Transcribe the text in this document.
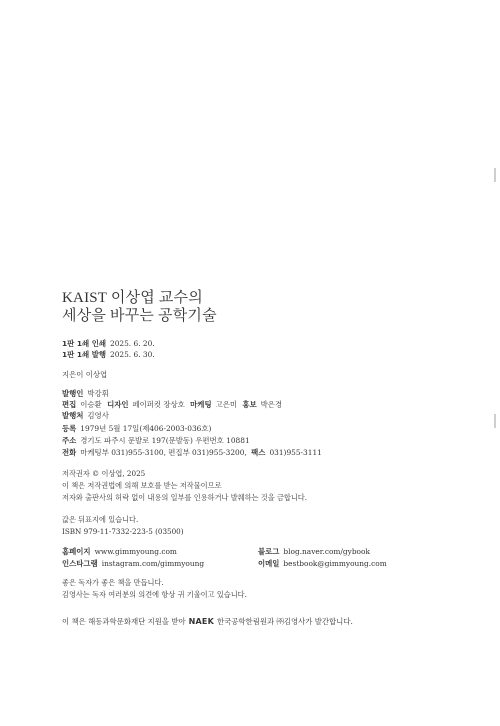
KAIST 이상엽 교수의
세상을 바꾸는 공학기술
1판 1쇄 인쇄 2025. 6. 20.
1판 1쇄 발행 2025. 6. 30.
지은이 이상엽
발행인 박강휘
편집 이승환 디자인 페이퍼컷 장상호 마케팅 고은미 홍보 박은경
발행처 김영사
등록 1979년 5월 17일(제406-2003-036호)
주소 경기도 파주시 문발로 197(문발동) 우편번호 10881
전화 마케팅부 031)955-3100, 편집부 031)955-3200, 팩스 031)955-3111
저작권자 © 이상엽, 2025
이 책은 저작권법에 의해 보호를 받는 저작물이므로
저자와 출판사의 허락 없이 내용의 일부를 인용하거나 발췌하는 것을 금합니다.
값은 뒤표지에 있습니다.
ISBN 979-11-7332-223-5 (03500)
홈페이지 www.gimmyoung.com	블로그 blog.naver.com/gybook
인스타그램 instagram.com/gimmyoung	이메일 bestbook@gimmyoung.com
좋은 독자가 좋은 책을 만듭니다.
김영사는 독자 여러분의 의견에 항상 귀 기울이고 있습니다.
이 책은 해동과학문화재단 지원을 받아 NAEK 한국공학한림원과 ㈜김영사가 발간합니다.
